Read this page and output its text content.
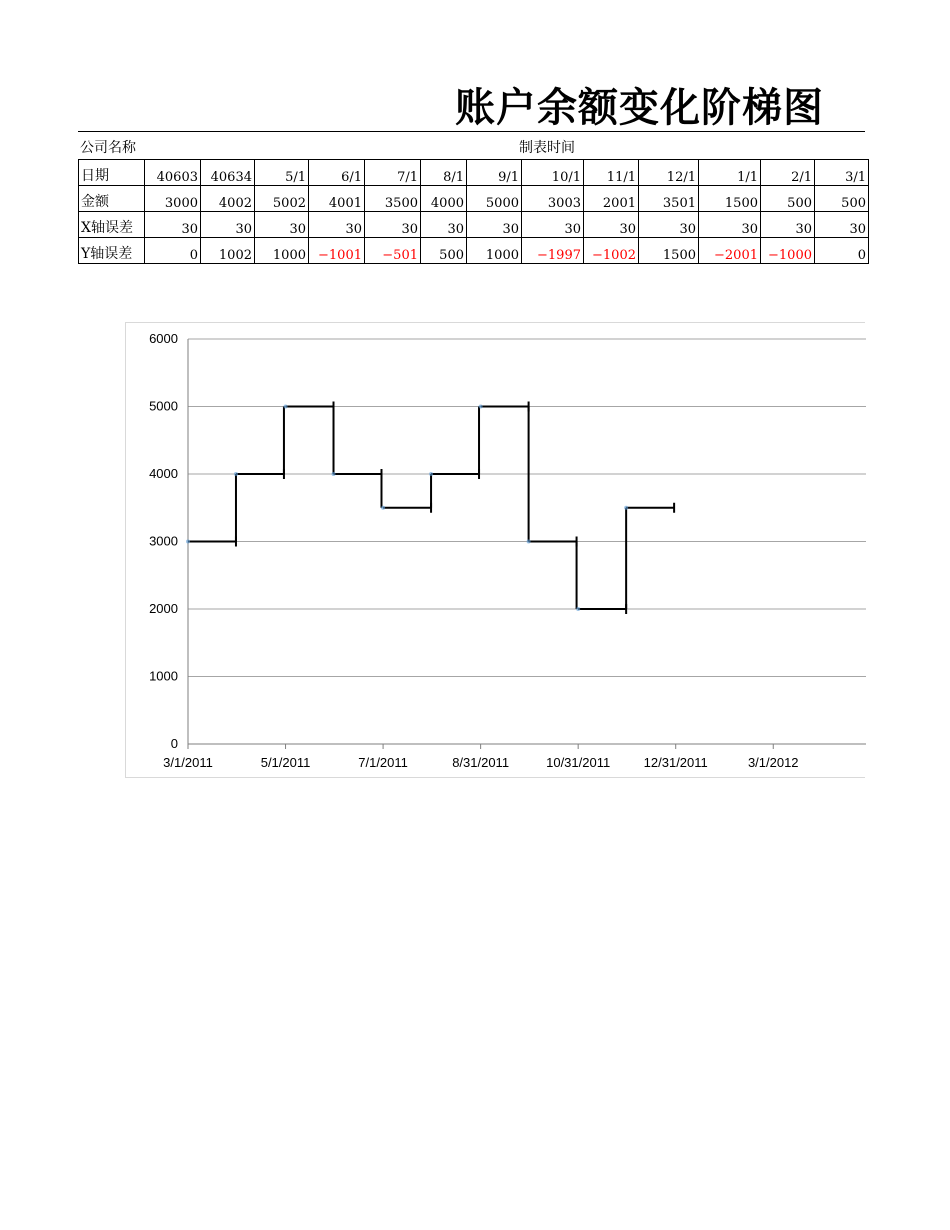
账户余额变化阶梯图
公司名称	制表时间
日期	40603	40634	5/1	6/1	7/1	8/1	9/1	10/1	11/1	12/1	1/1	2/1	3/1
金额	3000	4002	5002	4001	3500	4000	5000	3003	2001	3501	1500	500	500
X轴误差	30	30	30	30	30	30	30	30	30	30	30	30	30
Y轴误差	0	1002	1000	−1001	−501	500	1000	−1997	−1002	1500	−2001	−1000	0
0
1000
2000
3000
4000
5000
6000
3/1/2011	5/1/2011	7/1/2011	8/31/2011	10/31/2011	12/31/2011	3/1/2012
